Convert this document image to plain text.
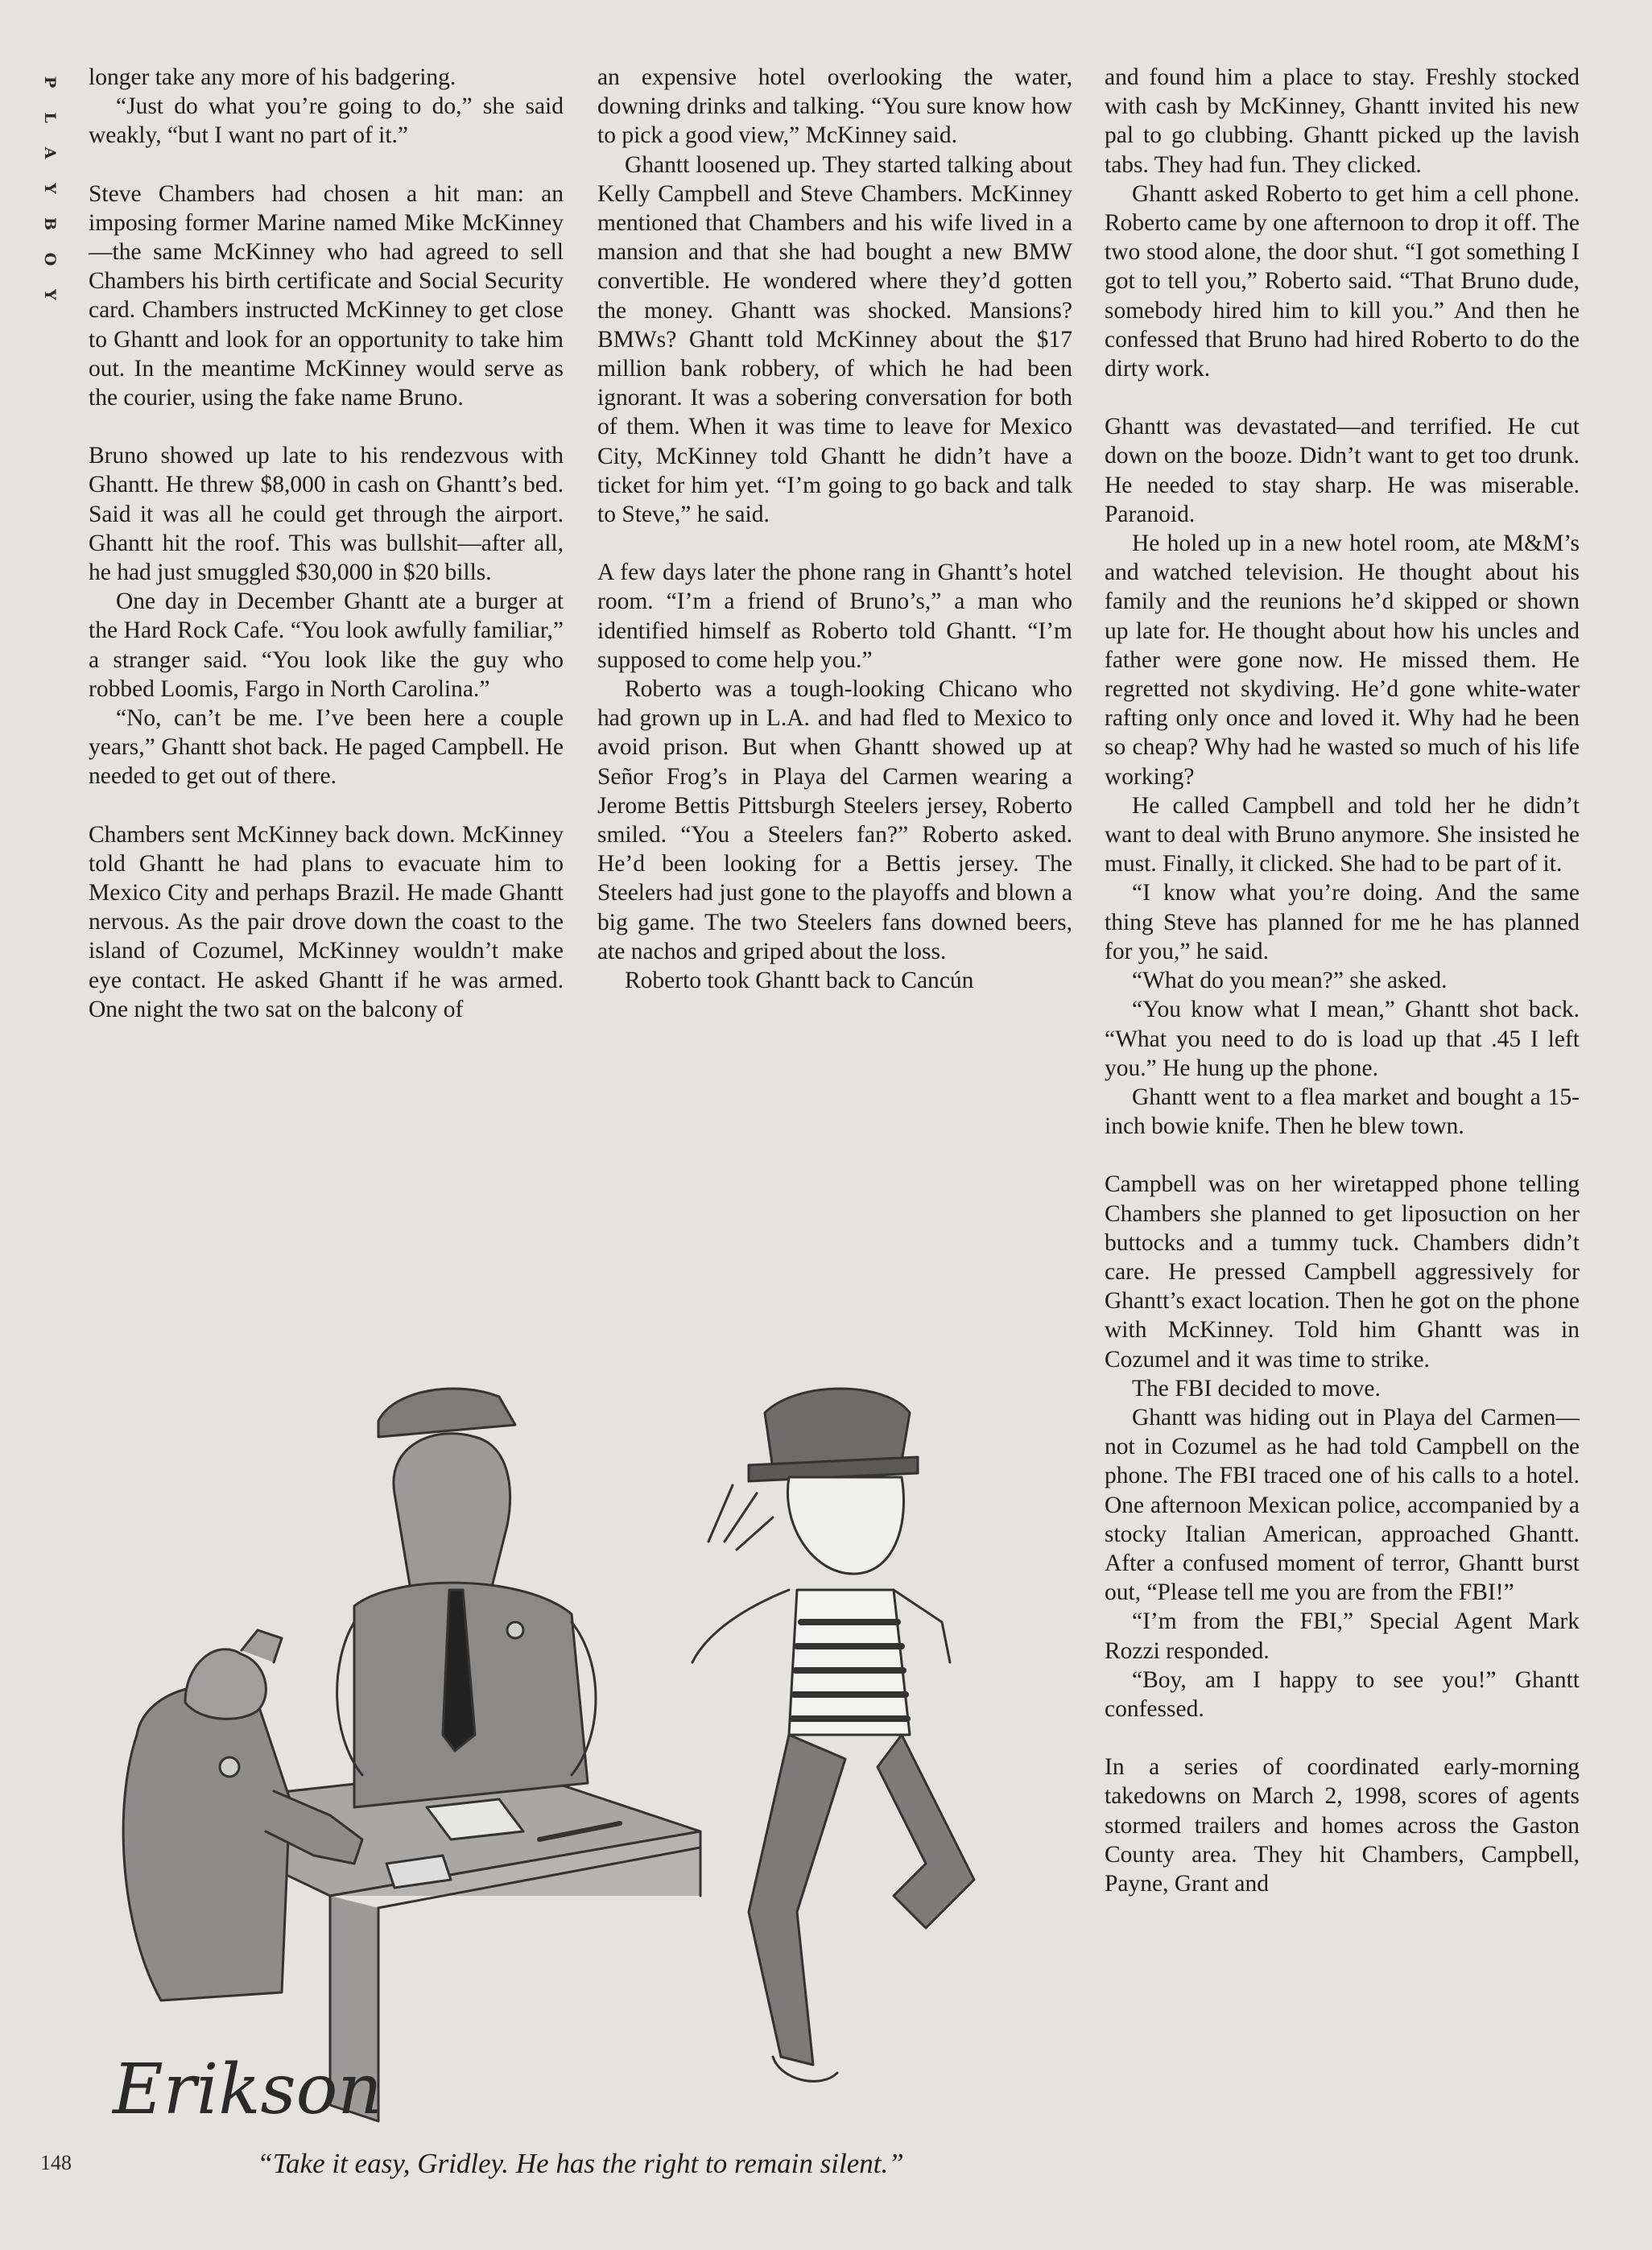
P
L
A
Y
B
O
Y

longer take any more of his badgering.

“Just do what you’re going to do,” she said weakly, “but I want no part of it.”

Steve Chambers had chosen a hit man: an imposing former Marine named Mike McKinney—the same McKinney who had agreed to sell Chambers his birth certificate and Social Security card. Chambers instructed McKinney to get close to Ghantt and look for an opportunity to take him out. In the meantime McKinney would serve as the courier, using the fake name Bruno.

Bruno showed up late to his rendezvous with Ghantt. He threw $8,000 in cash on Ghantt’s bed. Said it was all he could get through the airport. Ghantt hit the roof. This was bullshit—after all, he had just smuggled $30,000 in $20 bills.

One day in December Ghantt ate a burger at the Hard Rock Cafe. “You look awfully familiar,” a stranger said. “You look like the guy who robbed Loomis, Fargo in North Carolina.”

“No, can’t be me. I’ve been here a couple years,” Ghantt shot back. He paged Campbell. He needed to get out of there.

Chambers sent McKinney back down. McKinney told Ghantt he had plans to evacuate him to Mexico City and perhaps Brazil. He made Ghantt nervous. As the pair drove down the coast to the island of Cozumel, McKinney wouldn’t make eye contact. He asked Ghantt if he was armed. One night the two sat on the balcony of

an expensive hotel overlooking the water, downing drinks and talking. “You sure know how to pick a good view,” McKinney said.

Ghantt loosened up. They started talking about Kelly Campbell and Steve Chambers. McKinney mentioned that Chambers and his wife lived in a mansion and that she had bought a new BMW convertible. He wondered where they’d gotten the money. Ghantt was shocked. Mansions? BMWs? Ghantt told McKinney about the $17 million bank robbery, of which he had been ignorant. It was a sobering conversation for both of them. When it was time to leave for Mexico City, McKinney told Ghantt he didn’t have a ticket for him yet. “I’m going to go back and talk to Steve,” he said.

A few days later the phone rang in Ghantt’s hotel room. “I’m a friend of Bruno’s,” a man who identified himself as Roberto told Ghantt. “I’m supposed to come help you.”

Roberto was a tough-looking Chicano who had grown up in L.A. and had fled to Mexico to avoid prison. But when Ghantt showed up at Señor Frog’s in Playa del Carmen wearing a Jerome Bettis Pittsburgh Steelers jersey, Roberto smiled. “You a Steelers fan?” Roberto asked. He’d been looking for a Bettis jersey. The Steelers had just gone to the playoffs and blown a big game. The two Steelers fans downed beers, ate nachos and griped about the loss.

Roberto took Ghantt back to Cancún

and found him a place to stay. Freshly stocked with cash by McKinney, Ghantt invited his new pal to go clubbing. Ghantt picked up the lavish tabs. They had fun. They clicked.

Ghantt asked Roberto to get him a cell phone. Roberto came by one afternoon to drop it off. The two stood alone, the door shut. “I got something I got to tell you,” Roberto said. “That Bruno dude, somebody hired him to kill you.” And then he confessed that Bruno had hired Roberto to do the dirty work.

Ghantt was devastated—and terrified. He cut down on the booze. Didn’t want to get too drunk. He needed to stay sharp. He was miserable. Paranoid.

He holed up in a new hotel room, ate M&M’s and watched television. He thought about his family and the reunions he’d skipped or shown up late for. He thought about how his uncles and father were gone now. He missed them. He regretted not skydiving. He’d gone white-water rafting only once and loved it. Why had he been so cheap? Why had he wasted so much of his life working?

He called Campbell and told her he didn’t want to deal with Bruno anymore. She insisted he must. Finally, it clicked. She had to be part of it.

“I know what you’re doing. And the same thing Steve has planned for me he has planned for you,” he said.

“What do you mean?” she asked.

“You know what I mean,” Ghantt shot back. “What you need to do is load up that .45 I left you.” He hung up the phone.

Ghantt went to a flea market and bought a 15-inch bowie knife. Then he blew town.

Campbell was on her wiretapped phone telling Chambers she planned to get liposuction on her buttocks and a tummy tuck. Chambers didn’t care. He pressed Campbell aggressively for Ghantt’s exact location. Then he got on the phone with McKinney. Told him Ghantt was in Cozumel and it was time to strike.

The FBI decided to move.

Ghantt was hiding out in Playa del Carmen—not in Cozumel as he had told Campbell on the phone. The FBI traced one of his calls to a hotel. One afternoon Mexican police, accompanied by a stocky Italian American, approached Ghantt. After a confused moment of terror, Ghantt burst out, “Please tell me you are from the FBI!”

“I’m from the FBI,” Special Agent Mark Rozzi responded.

“Boy, am I happy to see you!” Ghantt confessed.

In a series of coordinated early-morning takedowns on March 2, 1998, scores of agents stormed trailers and homes across the Gaston County area. They hit Chambers, Campbell, Payne, Grant and

Erikson
“Take it easy, Gridley. He has the right to remain silent.”
148
